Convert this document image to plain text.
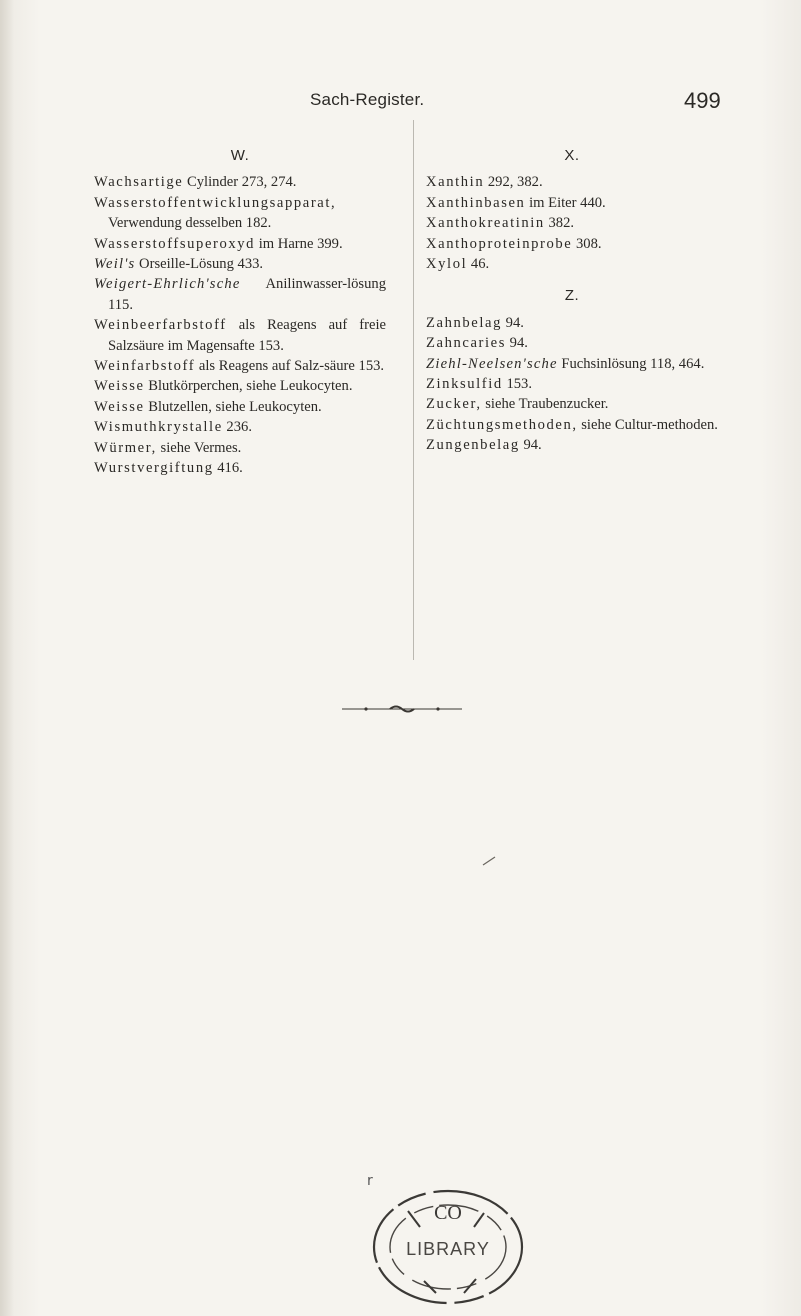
Sach-Register.	499
W.

Wachsartige Cylinder 273, 274.

Wasserstoffentwicklungsapparat, Verwendung desselben 182.

Wasserstoffsuperoxyd im Harne 399.

Weil's Orseille-Lösung 433.

Weigert-Ehrlich'sche Anilinwasser-lösung 115.

Weinbeerfarbstoff als Reagens auf freie Salzsäure im Magensafte 153.

Weinfarbstoff als Reagens auf Salz-säure 153.

Weisse Blutkörperchen, siehe Leukocyten.

Weisse Blutzellen, siehe Leukocyten.

Wismuthkrystalle 236.

Würmer, siehe Vermes.

Wurstvergiftung 416.

X.

Xanthin 292, 382.

Xanthinbasen im Eiter 440.

Xanthokreatinin 382.

Xanthoproteinprobe 308.

Xylol 46.

Z.

Zahnbelag 94.

Zahncaries 94.

Ziehl-Neelsen'sche Fuchsinlösung 118, 464.

Zinksulfid 153.

Zucker, siehe Traubenzucker.

Züchtungsmethoden, siehe Cultur-methoden.

Zungenbelag 94.

r
CO
LIBRARY
